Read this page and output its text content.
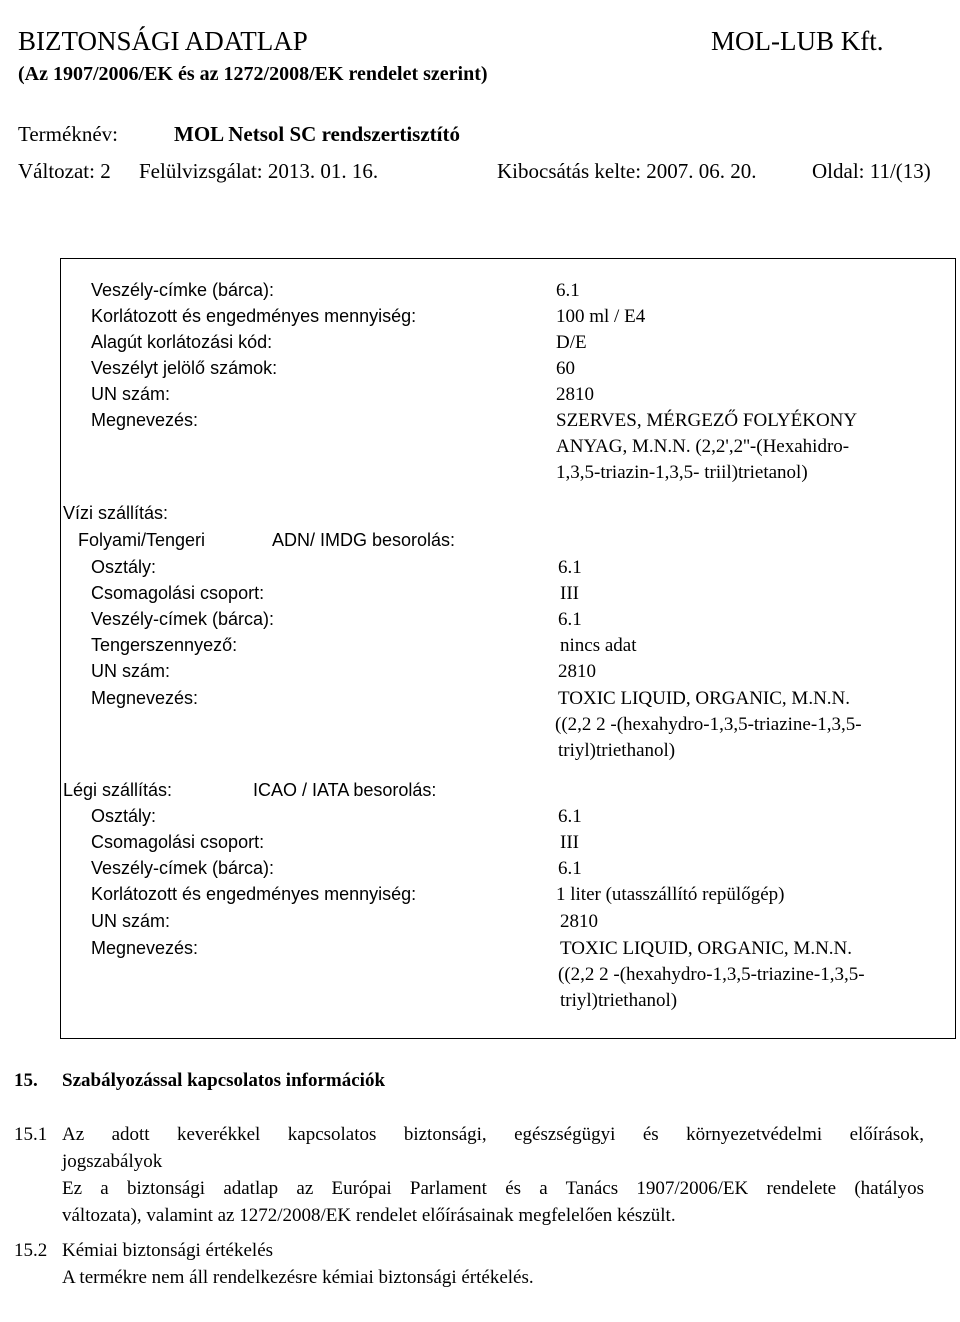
BIZTONSÁGI ADATLAP	MOL-LUB Kft.
(Az 1907/2006/EK és az 1272/2008/EK rendelet szerint)
Terméknév:	MOL Netsol SC rendszertisztító
Változat: 2 Felülvizsgálat: 2013. 01. 16.	Kibocsátás kelte: 2007. 06. 20.	Oldal: 11/(13)
Veszély-címke (bárca):	6.1
Korlátozott és engedményes mennyiség:	100 ml / E4
Alagút korlátozási kód:	D/E
Veszélyt jelölő számok:	60
UN szám:	2810
Megnevezés:	SZERVES, MÉRGEZŐ FOLYÉKONY
ANYAG, M.N.N. (2,2',2''-(Hexahidro-
1,3,5-triazin-1,3,5- triil)trietanol)
Vízi szállítás:
Folyami/Tengeri	ADN/ IMDG besorolás:
Osztály:	6.1
Csomagolási csoport:	III
Veszély-címek (bárca):	6.1
Tengerszennyező:	nincs adat
UN szám:	2810
Megnevezés:	TOXIC LIQUID, ORGANIC, M.N.N.
((2,2 2 -(hexahydro-1,3,5-triazine-1,3,5-
triyl)triethanol)
Légi szállítás:	ICAO / IATA besorolás:
Osztály:	6.1
Csomagolási csoport:	III
Veszély-címek (bárca):	6.1
Korlátozott és engedményes mennyiség:	1 liter (utasszállító repülőgép)
UN szám:	2810
Megnevezés:	TOXIC LIQUID, ORGANIC, M.N.N.
((2,2 2 -(hexahydro-1,3,5-triazine-1,3,5-
triyl)triethanol)
15. Szabályozással kapcsolatos információk
15.1 Az adott keverékkel kapcsolatos biztonsági, egészségügyi és környezetvédelmi előírások,
jogszabályok
Ez a biztonsági adatlap az Európai Parlament és a Tanács 1907/2006/EK rendelete (hatályos
változata), valamint az 1272/2008/EK rendelet előírásainak megfelelően készült.
15.2 Kémiai biztonsági értékelés
A termékre nem áll rendelkezésre kémiai biztonsági értékelés.
